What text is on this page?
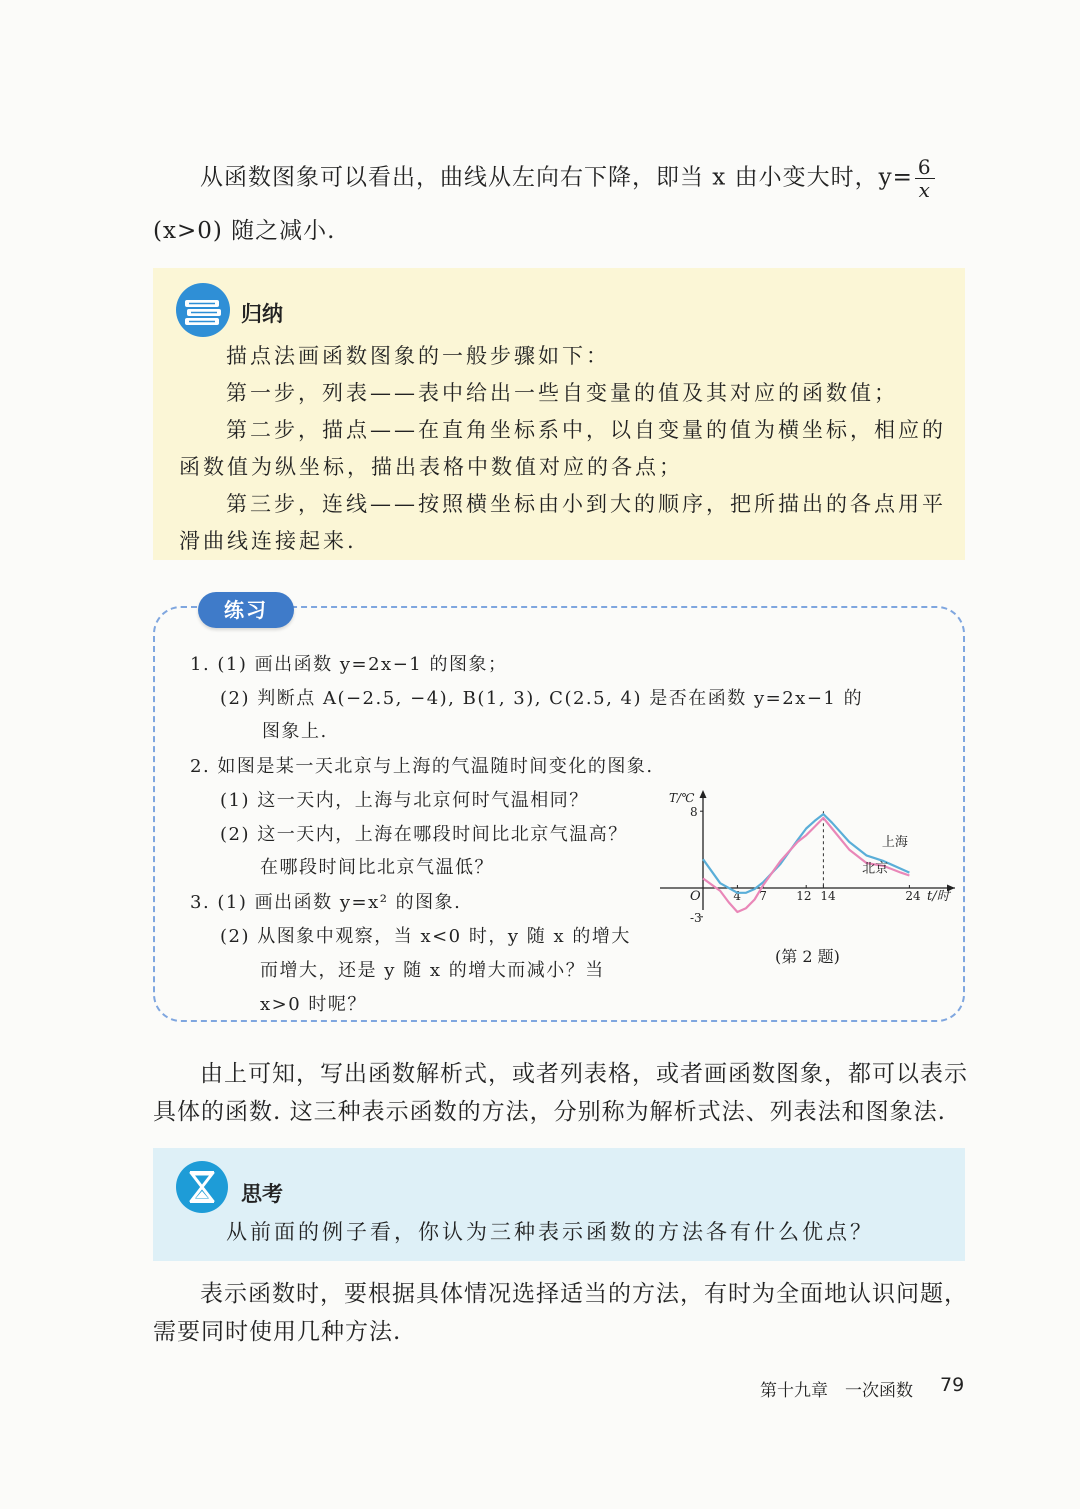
从函数图象可以看出，曲线从左向右下降，即当 x 由小变大时，$y= \frac{6}{x}$
(x>0) 随之减小.
归纳
描点法画函数图象的一般步骤如下：
第一步，列表——表中给出一些自变量的值及其对应的函数值；
第二步，描点——在直角坐标系中，以自变量的值为横坐标，相应的
函数值为纵坐标，描出表格中数值对应的各点；
第三步，连线——按照横坐标由小到大的顺序，把所描出的各点用平
滑曲线连接起来.
练习
1. (1) 画出函数 y=2x−1 的图象；
(2) 判断点 A(−2.5, −4), B(1, 3), C(2.5, 4) 是否在函数 y=2x−1 的
图象上.
2. 如图是某一天北京与上海的气温随时间变化的图象.
(1) 这一天内，上海与北京何时气温相同？
(2) 这一天内，上海在哪段时间比北京气温高？
在哪段时间比北京气温低？
3. (1) 画出函数 y=x² 的图象.
(2) 从图象中观察，当 x<0 时，y 随 x 的增大
而增大，还是 y 随 x 的增大而减小？当
x>0 时呢？
T/℃
t/时
O
8
-3
4 7 12 14	24
上海
北京
(第 2 题)
由上可知，写出函数解析式，或者列表格，或者画函数图象，都可以表示
具体的函数. 这三种表示函数的方法，分别称为解析式法、列表法和图象法.
思考
从前面的例子看，你认为三种表示函数的方法各有什么优点？
表示函数时，要根据具体情况选择适当的方法，有时为全面地认识问题，
需要同时使用几种方法.
第十九章　一次函数 79
